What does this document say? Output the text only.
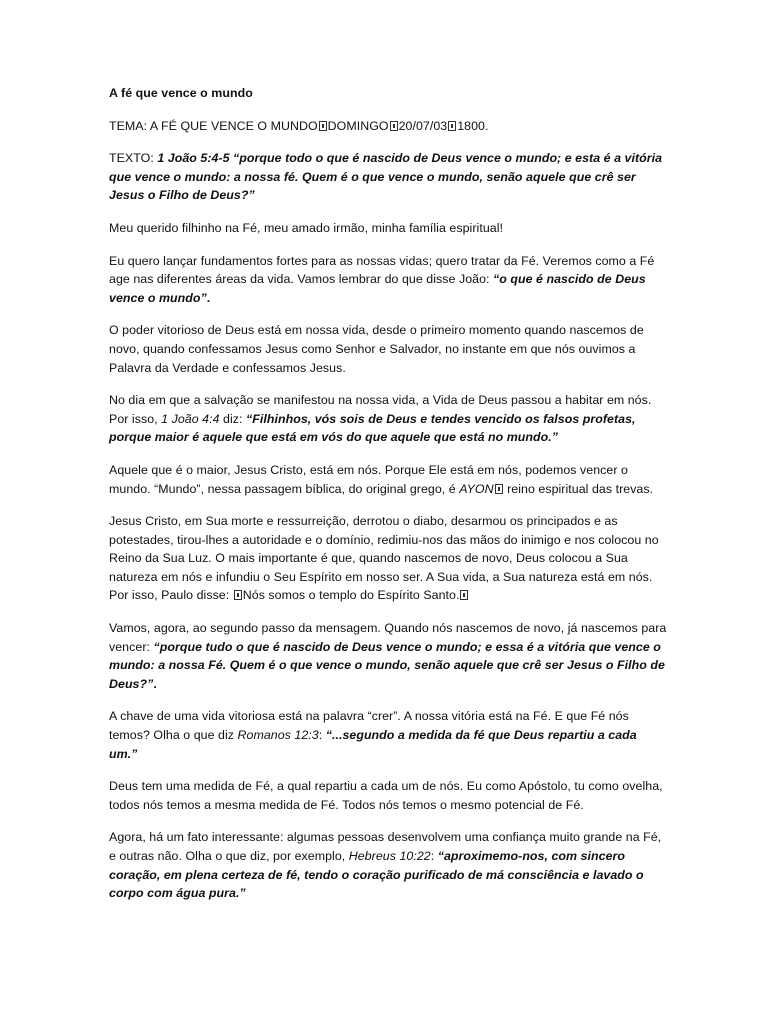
A fé que vence o mundo

TEMA: A FÉ QUE VENCE O MUNDO DOMINGO 20/07/03 1800.

TEXTO: 1 João 5:4-5 “porque todo o que é nascido de Deus vence o mundo; e esta é a vitória que vence o mundo: a nossa fé. Quem é o que vence o mundo, senão aquele que crê ser Jesus o Filho de Deus?”

Meu querido filhinho na Fé, meu amado irmão, minha família espiritual!

Eu quero lançar fundamentos fortes para as nossas vidas; quero tratar da Fé. Veremos como a Fé age nas diferentes áreas da vida. Vamos lembrar do que disse João: “o que é nascido de Deus vence o mundo”.

O poder vitorioso de Deus está em nossa vida, desde o primeiro momento quando nascemos de novo, quando confessamos Jesus como Senhor e Salvador, no instante em que nós ouvimos a Palavra da Verdade e confessamos Jesus.

No dia em que a salvação se manifestou na nossa vida, a Vida de Deus passou a habitar em nós. Por isso, 1 João 4:4 diz: “Filhinhos, vós sois de Deus e tendes vencido os falsos profetas, porque maior é aquele que está em vós do que aquele que está no mundo.”

Aquele que é o maior, Jesus Cristo, está em nós. Porque Ele está em nós, podemos vencer o mundo. “Mundo”, nessa passagem bíblica, do original grego, é AYON reino espiritual das trevas.

Jesus Cristo, em Sua morte e ressurreição, derrotou o diabo, desarmou os principados e as potestades, tirou-lhes a autoridade e o domínio, redimiu-nos das mãos do inimigo e nos colocou no Reino da Sua Luz. O mais importante é que, quando nascemos de novo, Deus colocou a Sua natureza em nós e infundiu o Seu Espírito em nosso ser. A Sua vida, a Sua natureza está em nós. Por isso, Paulo disse: Nós somos o templo do Espírito Santo.

Vamos, agora, ao segundo passo da mensagem. Quando nós nascemos de novo, já nascemos para vencer: “porque tudo o que é nascido de Deus vence o mundo; e essa é a vitória que vence o mundo: a nossa Fé. Quem é o que vence o mundo, senão aquele que crê ser Jesus o Filho de Deus?”.

A chave de uma vida vitoriosa está na palavra “crer”. A nossa vitória está na Fé. E que Fé nós temos? Olha o que diz Romanos 12:3: “...segundo a medida da fé que Deus repartiu a cada um.”

Deus tem uma medida de Fé, a qual repartiu a cada um de nós. Eu como Apóstolo, tu como ovelha, todos nós temos a mesma medida de Fé. Todos nós temos o mesmo potencial de Fé.

Agora, há um fato interessante: algumas pessoas desenvolvem uma confiança muito grande na Fé, e outras não. Olha o que diz, por exemplo, Hebreus 10:22: “aproximemo-nos, com sincero coração, em plena certeza de fé, tendo o coração purificado de má consciência e lavado o corpo com água pura.”
